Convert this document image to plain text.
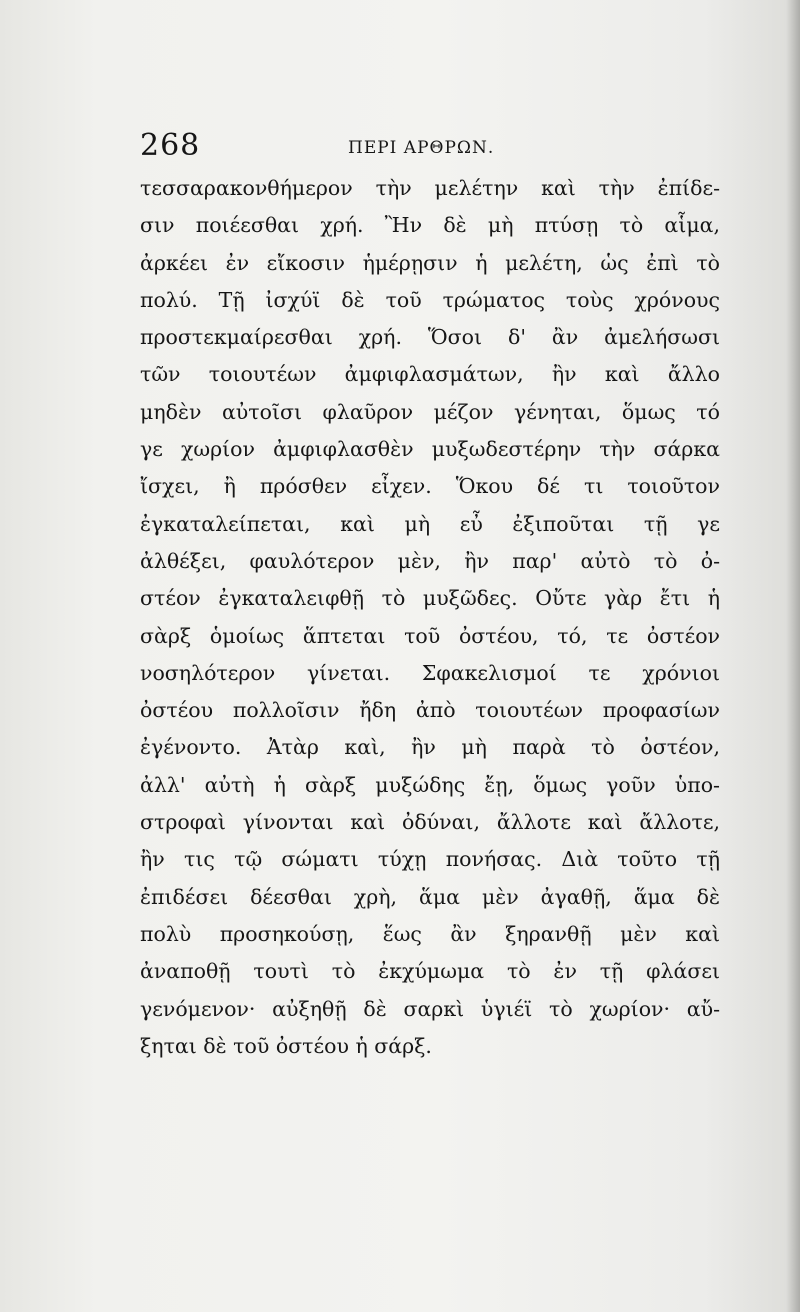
268	ΠΕΡΙ ΑΡΘΡΩΝ.
τεσσαρακονθήμερον τὴν μελέτην καὶ τὴν ἐπίδε-
σιν ποιέεσθαι χρή. Ἢν δὲ μὴ πτύσῃ τὸ αἷμα,
ἀρκέει ἐν εἴκοσιν ἡμέρῃσιν ἡ μελέτη, ὡς ἐπὶ τὸ
πολύ. Τῇ ἰσχύϊ δὲ τοῦ τρώματος τοὺς χρόνους
προστεκμαίρεσθαι χρή. Ὅσοι δ' ἂν ἀμελήσωσι
τῶν τοιουτέων ἀμφιφλασμάτων, ἢν καὶ ἄλλο
μηδὲν αὐτοῖσι φλαῦρον μέζον γένηται, ὅμως τό
γε χωρίον ἀμφιφλασθὲν μυξωδεστέρην τὴν σάρκα
ἴσχει, ἢ πρόσθεν εἶχεν. Ὅκου δέ τι τοιοῦτον
ἐγκαταλείπεται, καὶ μὴ εὖ ἐξιποῦται τῇ γε
ἀλθέξει, φαυλότερον μὲν, ἢν παρ' αὐτὸ τὸ ὀ-
στέον ἐγκαταλειφθῇ τὸ μυξῶδες. Οὔτε γὰρ ἔτι ἡ
σὰρξ ὁμοίως ἅπτεται τοῦ ὀστέου, τό, τε ὀστέον
νοσηλότερον γίνεται. Σφακελισμοί τε χρόνιοι
ὀστέου πολλοῖσιν ἤδη ἀπὸ τοιουτέων προφασίων
ἐγένοντο. Ἀτὰρ καὶ, ἢν μὴ παρὰ τὸ ὀστέον,
ἀλλ' αὐτὴ ἡ σὰρξ μυξώδης ἔῃ, ὅμως γοῦν ὑπο-
στροφαὶ γίνονται καὶ ὀδύναι, ἄλλοτε καὶ ἄλλοτε,
ἢν τις τῷ σώματι τύχῃ πονήσας. Διὰ τοῦτο τῇ
ἐπιδέσει δέεσθαι χρὴ, ἅμα μὲν ἀγαθῇ, ἅμα δὲ
πολὺ προσηκούσῃ, ἕως ἂν ξηρανθῇ μὲν καὶ
ἀναποθῇ τουτὶ τὸ ἐκχύμωμα τὸ ἐν τῇ φλάσει
γενόμενον· αὐξηθῇ δὲ σαρκὶ ὑγιέϊ τὸ χωρίον· αὔ-
ξηται δὲ τοῦ ὀστέου ἡ σάρξ.
